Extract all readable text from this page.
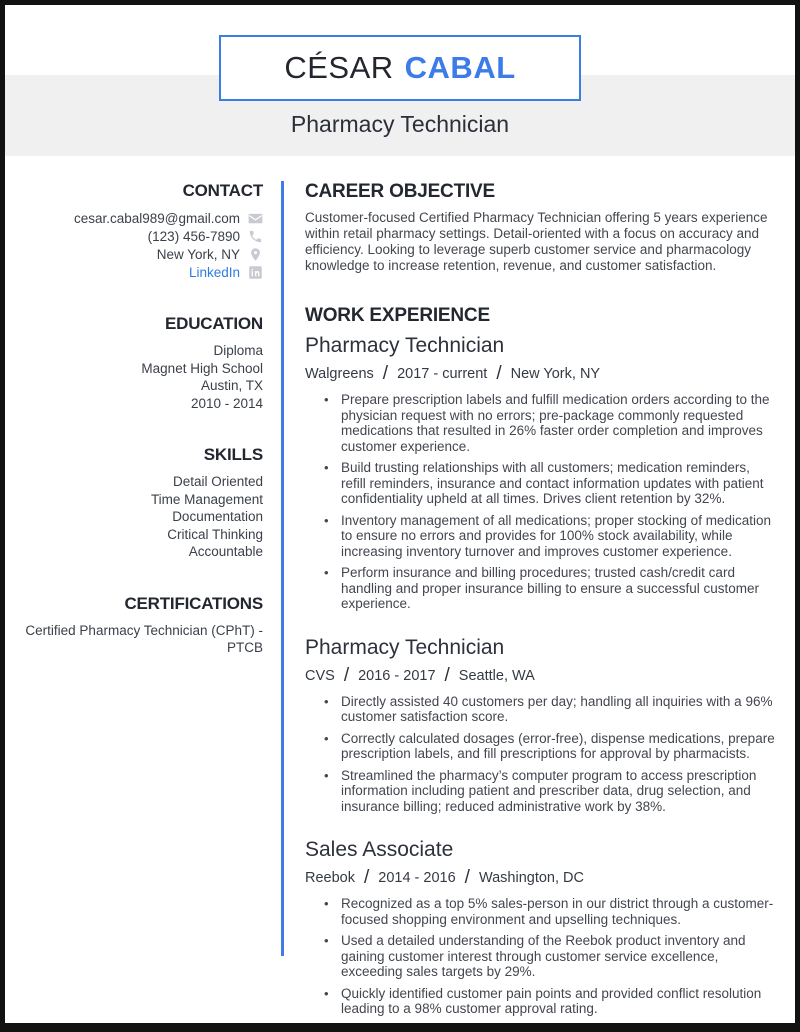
CÉSAR CABAL
Pharmacy Technician
CONTACT
cesar.cabal989@gmail.com
(123) 456-7890
New York, NY
LinkedIn
EDUCATION
Diploma
Magnet High School
Austin, TX
2010 - 2014
SKILLS
Detail Oriented
Time Management
Documentation
Critical Thinking
Accountable
CERTIFICATIONS
Certified Pharmacy Technician (CPhT) - PTCB
CAREER OBJECTIVE

Customer-focused Certified Pharmacy Technician offering 5 years experience within retail pharmacy settings. Detail-oriented with a focus on accuracy and efficiency. Looking to leverage superb customer service and pharmacology knowledge to increase retention, revenue, and customer satisfaction.

WORK EXPERIENCE
Pharmacy Technician
Walgreens / 2017 - current / New York, NY
• Prepare prescription labels and fulfill medication orders according to the physician request with no errors; pre-package commonly requested medications that resulted in 26% faster order completion and improves customer experience.
• Build trusting relationships with all customers; medication reminders, refill reminders, insurance and contact information updates with patient confidentiality upheld at all times. Drives client retention by 32%.
• Inventory management of all medications; proper stocking of medication to ensure no errors and provides for 100% stock availability, while increasing inventory turnover and improves customer experience.
• Perform insurance and billing procedures; trusted cash/credit card handling and proper insurance billing to ensure a successful customer experience.
Pharmacy Technician
CVS / 2016 - 2017 / Seattle, WA
• Directly assisted 40 customers per day; handling all inquiries with a 96% customer satisfaction score.
• Correctly calculated dosages (error-free), dispense medications, prepare prescription labels, and fill prescriptions for approval by pharmacists.
• Streamlined the pharmacy’s computer program to access prescription information including patient and prescriber data, drug selection, and insurance billing; reduced administrative work by 38%.
Sales Associate
Reebok / 2014 - 2016 / Washington, DC
• Recognized as a top 5% sales-person in our district through a customer-focused shopping environment and upselling techniques.
• Used a detailed understanding of the Reebok product inventory and gaining customer interest through customer service excellence, exceeding sales targets by 29%.
• Quickly identified customer pain points and provided conflict resolution leading to a 98% customer approval rating.
